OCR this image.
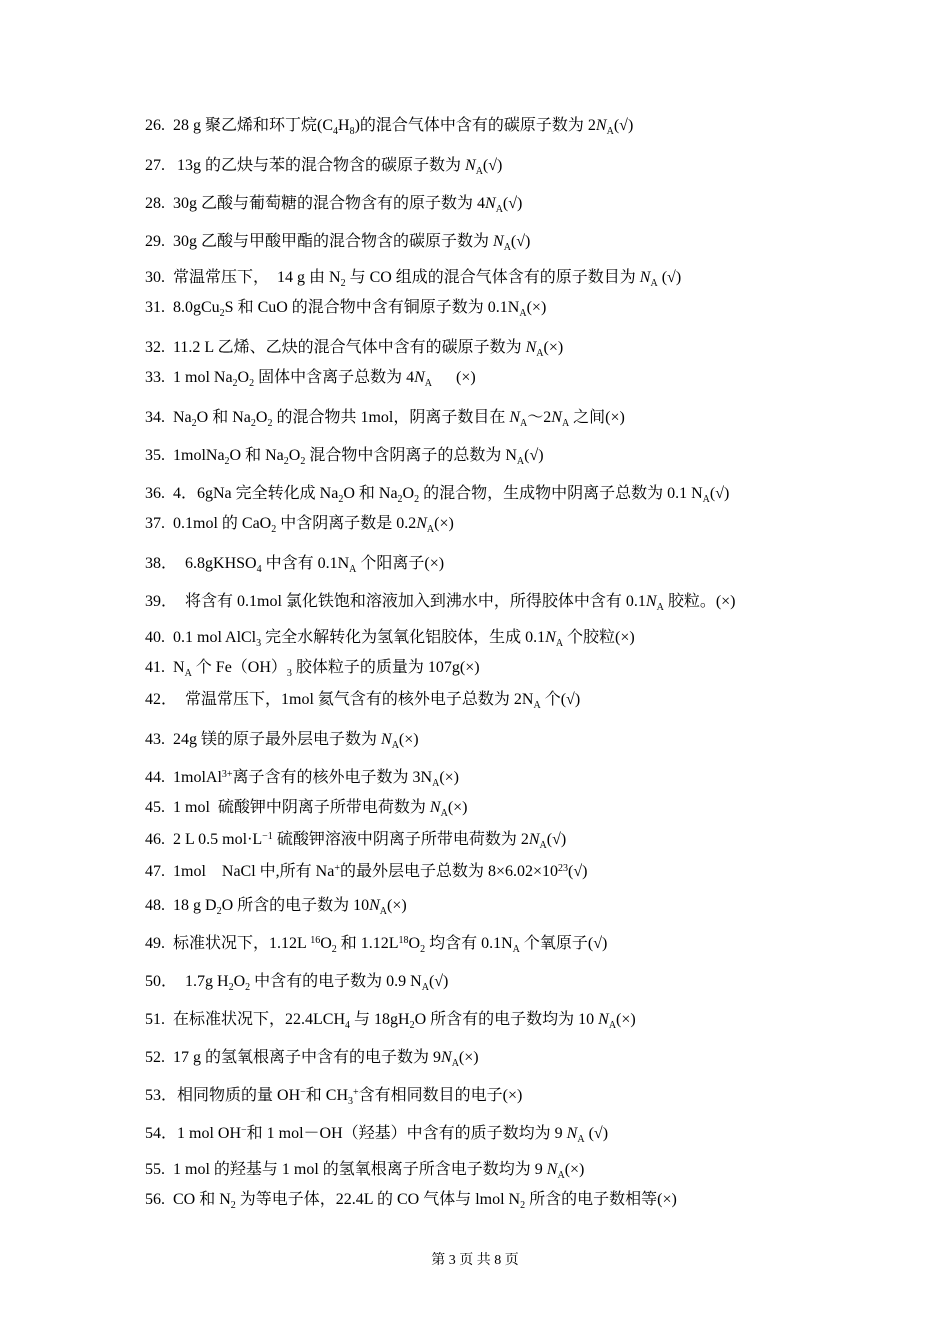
26.  28 g 聚乙烯和环丁烷$(C_4H_8)$的混合气体中含有的碳原子数为 $2N_A(√)$
27.   13g 的乙炔与苯的混合物含的碳原子数为 $N_A(√)$
28.  30g 乙酸与葡萄糖的混合物含有的原子数为 $4N_A(√)$
29.  30g 乙酸与甲酸甲酯的混合物含的碳原子数为 $N_A(√)$
30.  常温常压下，  14 g 由 $N_2$ 与 CO 组成的混合气体含有的原子数目为 $N_A$ (√)
31.  8.0gCu$_2$S 和 CuO 的混合物中含有铜原子数为 $0.1N_A(\times)$
32.  11.2 L 乙烯、乙炔的混合气体中含有的碳原子数为 $N_A(\times)$
33.  1 mol $Na_2O_2$ 固体中含离子总数为 $4N_A$      (×)
34.  $Na_2O$ 和 $Na_2O_2$ 的混合物共 1mol，阴离子数目在 $N_A\sim 2N_A$ 之间(×)
35.  1molNa$_2$O 和 $Na_2O_2$ 混合物中含阴离子的总数为 $N_A(√)$
36.  4．6gNa 完全转化成 $Na_2O$ 和 $Na_2O_2$ 的混合物，生成物中阴离子总数为 0.1 $N_A(√)$
37.  0.1mol 的 CaO$_2$ 中含阴离子数是 $0.2N_A(\times)$
38．  6.8gKHSO$_4$ 中含有 $0.1N_A$ 个阳离子(×)
39．  将含有 0.1mol 氯化铁饱和溶液加入到沸水中，所得胶体中含有 $0.1N_A$ 胶粒。(×)
40.  0.1 mol AlCl$_3$ 完全水解转化为氢氧化铝胶体，生成 $0.1N_A$ 个胶粒(×)
41.  $N_A$ 个 $Fe(OH)_3$ 胶体粒子的质量为 107g(×)
42．  常温常压下，1mol 氦气含有的核外电子总数为 $2N_A$ 个(√)
43.  24g 镁的原子最外层电子数为 $N_A(\times)$
44.  1molAl$^{3+}$离子含有的核外电子数为 $3N_A(\times)$
45.  1 mol  硫酸钾中阴离子所带电荷数为 $N_A(\times)$
46.  2 L 0.5 $mol\cdot L^{-1}$ 硫酸钾溶液中阴离子所带电荷数为 $2N_A(√)$
47.  1mol    NaCl 中,所有 Na+的最外层电子总数为 $8\times 6.02\times 10^{23}(√)$
48.  18 g $D_2O$ 所含的电子数为 $10N_A(\times)$
49.  标准状况下，1.12L $^{16}O_2$ 和 $1.12L^{18}O_2$ 均含有 $0.1N_A$ 个氧原子(√)
50．  1.7g $H_2O_2$ 中含有的电子数为 0.9 $N_A(√)$
51.  在标准状况下，$22.4LCH_4$ 与 $18gH_2O$ 所含有的电子数均为 10 $N_A(\times)$
52.  17 g 的氢氧根离子中含有的电子数为 $9N_A(\times)$
53．相同物质的量 OH−和 $CH_3^+$含有相同数目的电子(×)
54．1 mol OH−和 1 mol－OH（羟基）中含有的质子数均为 9 $N_A$ (√)
55.  1 mol 的羟基与 1 mol 的氢氧根离子所含电子数均为 9 $N_A(\times)$
56.  CO 和 $N_2$ 为等电子体，22.4L 的 CO 气体与 lmol $N_2$ 所含的电子数相等(×)
第 3 页 共 8 页
